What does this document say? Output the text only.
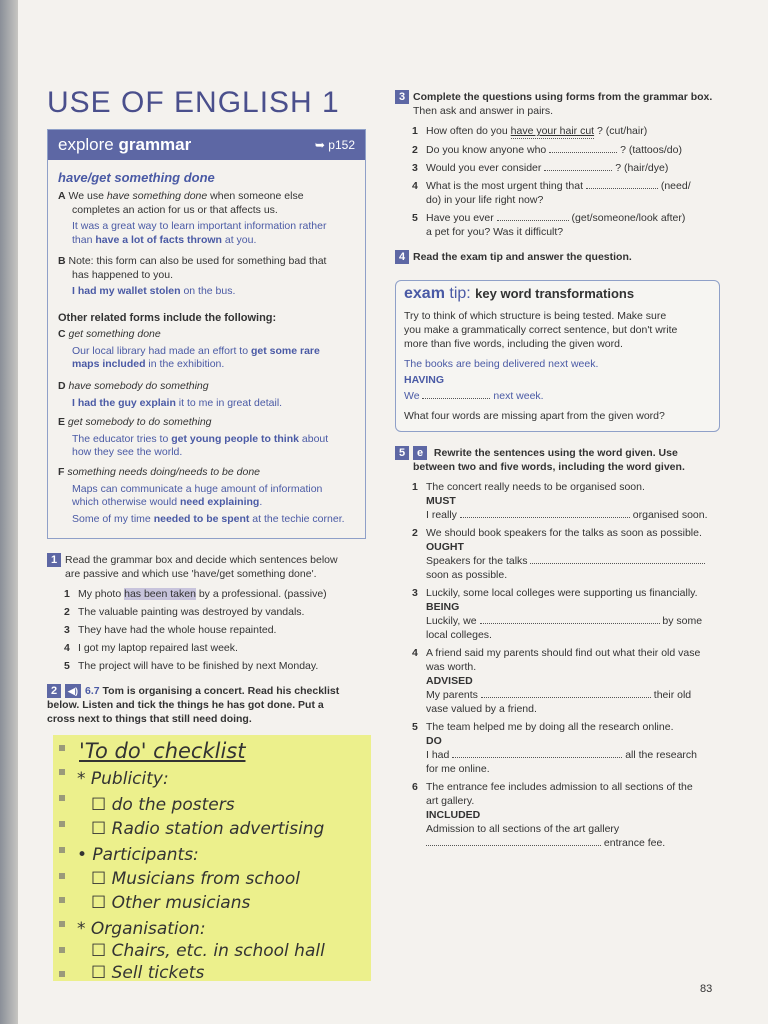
USE OF ENGLISH 1
explore grammar	➥ p152
have/get something done
A We use have something done when someone else
completes an action for us or that affects us.
It was a great way to learn important information rather
than have a lot of facts thrown at you.
B Note: this form can also be used for something bad that
has happened to you.
I had my wallet stolen on the bus.
Other related forms include the following:
C get something done
Our local library had made an effort to get some rare
maps included in the exhibition.
D have somebody do something
I had the guy explain it to me in great detail.
E get somebody to do something
The educator tries to get young people to think about
how they see the world.
F something needs doing/needs to be done
Maps can communicate a huge amount of information
which otherwise would need explaining.
Some of my time needed to be spent at the techie corner.
1 Read the grammar box and decide which sentences below
are passive and which use 'have/get something done'.
1 My photo has been taken by a professional. (passive)
2 The valuable painting was destroyed by vandals.
3 They have had the whole house repainted.
4 I got my laptop repaired last week.
5 The project will have to be finished by next Monday.
2 ◀) 6.7 Tom is organising a concert. Read his checklist
below. Listen and tick the things he has got done. Put a
cross next to things that still need doing.
'To do' checklist
* Publicity:
☐ do the posters
☐ Radio station advertising
• Participants:
☐ Musicians from school
☐ Other musicians
* Organisation:
☐ Chairs, etc. in school hall
☐ Sell tickets
3 Complete the questions using forms from the grammar box.
Then ask and answer in pairs.
1 How often do you have your hair cut ? (cut/hair)
2 Do you know anyone who	? (tattoos/do)
3 Would you ever consider	? (hair/dye)
4 What is the most urgent thing that	(need/
do) in your life right now?
5 Have you ever	(get/someone/look after)
a pet for you? Was it difficult?
4 Read the exam tip and answer the question.
exam tip: key word transformations
Try to think of which structure is being tested. Make sure
you make a grammatically correct sentence, but don't write
more than five words, including the given word.
The books are being delivered next week.
HAVING
We	next week.
What four words are missing apart from the given word?
5 e Rewrite the sentences using the word given. Use
between two and five words, including the word given.
1 The concert really needs to be organised soon.
MUST
I really	organised soon.
2 We should book speakers for the talks as soon as possible.
OUGHT
Speakers for the talks
soon as possible.
3 Luckily, some local colleges were supporting us financially.
BEING
Luckily, we	by some
local colleges.
4 A friend said my parents should find out what their old vase
was worth.
ADVISED
My parents	their old
vase valued by a friend.
5 The team helped me by doing all the research online.
DO
I had	all the research
for me online.
6 The entrance fee includes admission to all sections of the
art gallery.
INCLUDED
Admission to all sections of the art gallery
entrance fee.
83
